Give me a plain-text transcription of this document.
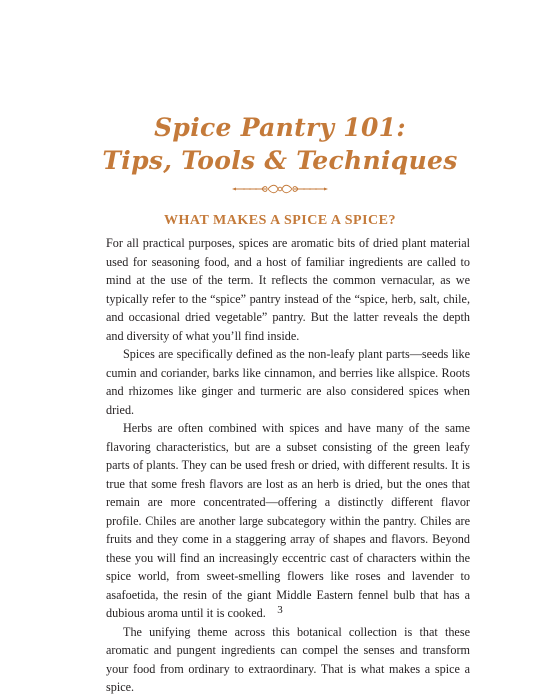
Spice Pantry 101:
Tips, Tools & Techniques
WHAT MAKES A SPICE A SPICE?

For all practical purposes, spices are aromatic bits of dried plant material used for seasoning food, and a host of familiar ingredients are called to mind at the use of the term. It reflects the common vernacular, as we typically refer to the “spice” pantry instead of the “spice, herb, salt, chile, and occasional dried vegetable” pantry. But the latter reveals the depth and diversity of what you’ll find inside.

Spices are specifically defined as the non-leafy plant parts—seeds like cumin and coriander, barks like cinnamon, and berries like allspice. Roots and rhizomes like ginger and turmeric are also considered spices when dried.

Herbs are often combined with spices and have many of the same flavoring characteristics, but are a subset consisting of the green leafy parts of plants. They can be used fresh or dried, with different results. It is true that some fresh flavors are lost as an herb is dried, but the ones that remain are more concentrated—offering a distinctly different flavor profile. Chiles are another large subcategory within the pantry. Chiles are fruits and they come in a staggering array of shapes and flavors. Beyond these you will find an increasingly eccentric cast of characters within the spice world, from sweet-smelling flowers like roses and lavender to asafoetida, the resin of the giant Middle Eastern fennel bulb that has a dubious aroma until it is cooked.

The unifying theme across this botanical collection is that these aromatic and pungent ingredients can compel the senses and transform your food from ordinary to extraordinary. That is what makes a spice a spice.

3
